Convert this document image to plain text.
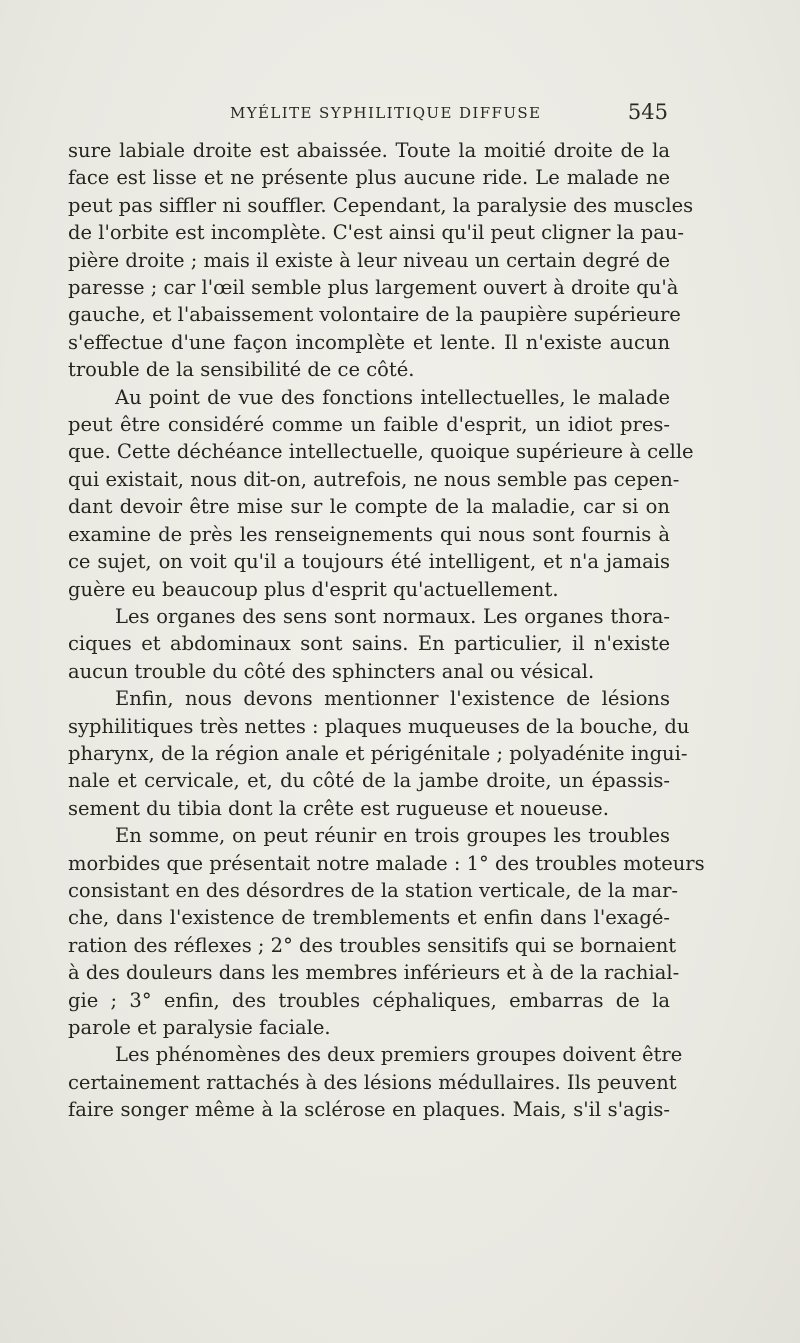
MYÉLITE SYPHILITIQUE DIFFUSE	545
sure labiale droite est abaissée. Toute la moitié droite de la
face est lisse et ne présente plus aucune ride. Le malade ne
peut pas siffler ni souffler. Cependant, la paralysie des muscles
de l'orbite est incomplète. C'est ainsi qu'il peut cligner la pau-
pière droite ; mais il existe à leur niveau un certain degré de
paresse ; car l'œil semble plus largement ouvert à droite qu'à
gauche, et l'abaissement volontaire de la paupière supérieure
s'effectue d'une façon incomplète et lente. Il n'existe aucun
trouble de la sensibilité de ce côté.
Au point de vue des fonctions intellectuelles, le malade
peut être considéré comme un faible d'esprit, un idiot pres-
que. Cette déchéance intellectuelle, quoique supérieure à celle
qui existait, nous dit-on, autrefois, ne nous semble pas cepen-
dant devoir être mise sur le compte de la maladie, car si on
examine de près les renseignements qui nous sont fournis à
ce sujet, on voit qu'il a toujours été intelligent, et n'a jamais
guère eu beaucoup plus d'esprit qu'actuellement.
Les organes des sens sont normaux. Les organes thora-
ciques et abdominaux sont sains. En particulier, il n'existe
aucun trouble du côté des sphincters anal ou vésical.
Enfin, nous devons mentionner l'existence de lésions
syphilitiques très nettes : plaques muqueuses de la bouche, du
pharynx, de la région anale et périgénitale ; polyadénite ingui-
nale et cervicale, et, du côté de la jambe droite, un épassis-
sement du tibia dont la crête est rugueuse et noueuse.
En somme, on peut réunir en trois groupes les troubles
morbides que présentait notre malade : 1° des troubles moteurs
consistant en des désordres de la station verticale, de la mar-
che, dans l'existence de tremblements et enfin dans l'exagé-
ration des réflexes ; 2° des troubles sensitifs qui se bornaient
à des douleurs dans les membres inférieurs et à de la rachial-
gie ; 3° enfin, des troubles céphaliques, embarras de la
parole et paralysie faciale.
Les phénomènes des deux premiers groupes doivent être
certainement rattachés à des lésions médullaires. Ils peuvent
faire songer même à la sclérose en plaques. Mais, s'il s'agis-
